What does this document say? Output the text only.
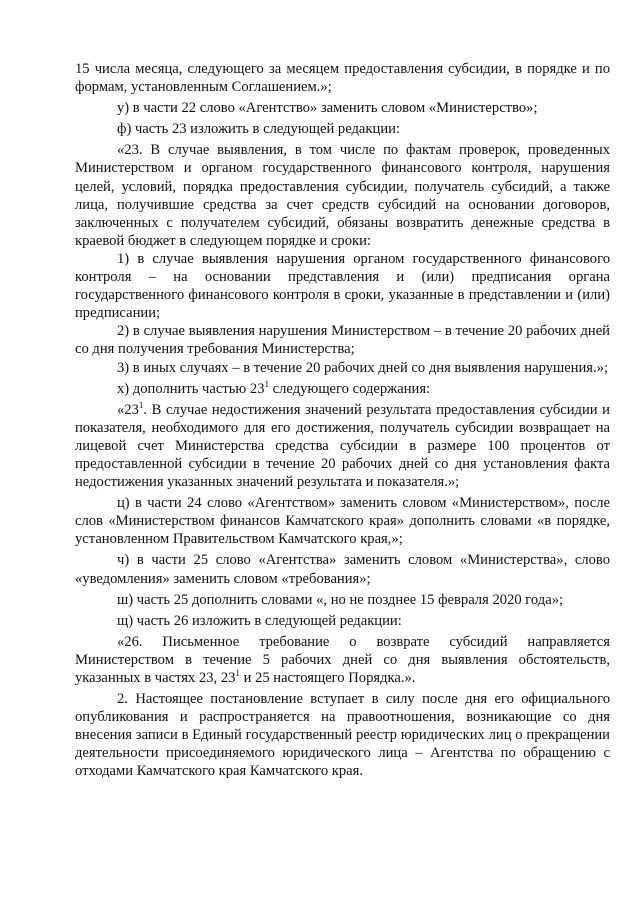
15 числа месяца, следующего за месяцем предоставления субсидии, в порядке и по формам, установленным Соглашением.»;

у) в части 22 слово «Агентство» заменить словом «Министерство»;

ф) часть 23 изложить в следующей редакции:

«23. В случае выявления, в том числе по фактам проверок, проведенных Министерством и органом государственного финансового контроля, нарушения целей, условий, порядка предоставления субсидии, получатель субсидий, а также лица, получившие средства за счет средств субсидий на основании договоров, заключенных с получателем субсидий, обязаны возвратить денежные средства в краевой бюджет в следующем порядке и сроки:

1) в случае выявления нарушения органом государственного финансового контроля – на основании представления и (или) предписания органа государственного финансового контроля в сроки, указанные в представлении и (или) предписании;

2) в случае выявления нарушения Министерством – в течение 20 рабочих дней со дня получения требования Министерства;

3) в иных случаях – в течение 20 рабочих дней со дня выявления нарушения.»;

х) дополнить частью $23^1$ следующего содержания:

«$23^1$. В случае недостижения значений результата предоставления субсидии и показателя, необходимого для его достижения, получатель субсидии возвращает на лицевой счет Министерства средства субсидии в размере 100 процентов от предоставленной субсидии в течение 20 рабочих дней со дня установления факта недостижения указанных значений результата и показателя.»;

ц) в части 24 слово «Агентством» заменить словом «Министерством», после слов «Министерством финансов Камчатского края» дополнить словами «в порядке, установленном Правительством Камчатского края,»;

ч) в части 25 слово «Агентства» заменить словом «Министерства», слово «уведомления» заменить словом «требования»;

ш) часть 25 дополнить словами «, но не позднее 15 февраля 2020 года»;

щ) часть 26 изложить в следующей редакции:

«26. Письменное требование о возврате субсидий направляется Министерством в течение 5 рабочих дней со дня выявления обстоятельств, указанных в частях 23, $23^1$ и 25 настоящего Порядка.».

2. Настоящее постановление вступает в силу после дня его официального опубликования и распространяется на правоотношения, возникающие со дня внесения записи в Единый государственный реестр юридических лиц о прекращении деятельности присоединяемого юридического лица – Агентства по обращению с отходами Камчатского края Камчатского края.
